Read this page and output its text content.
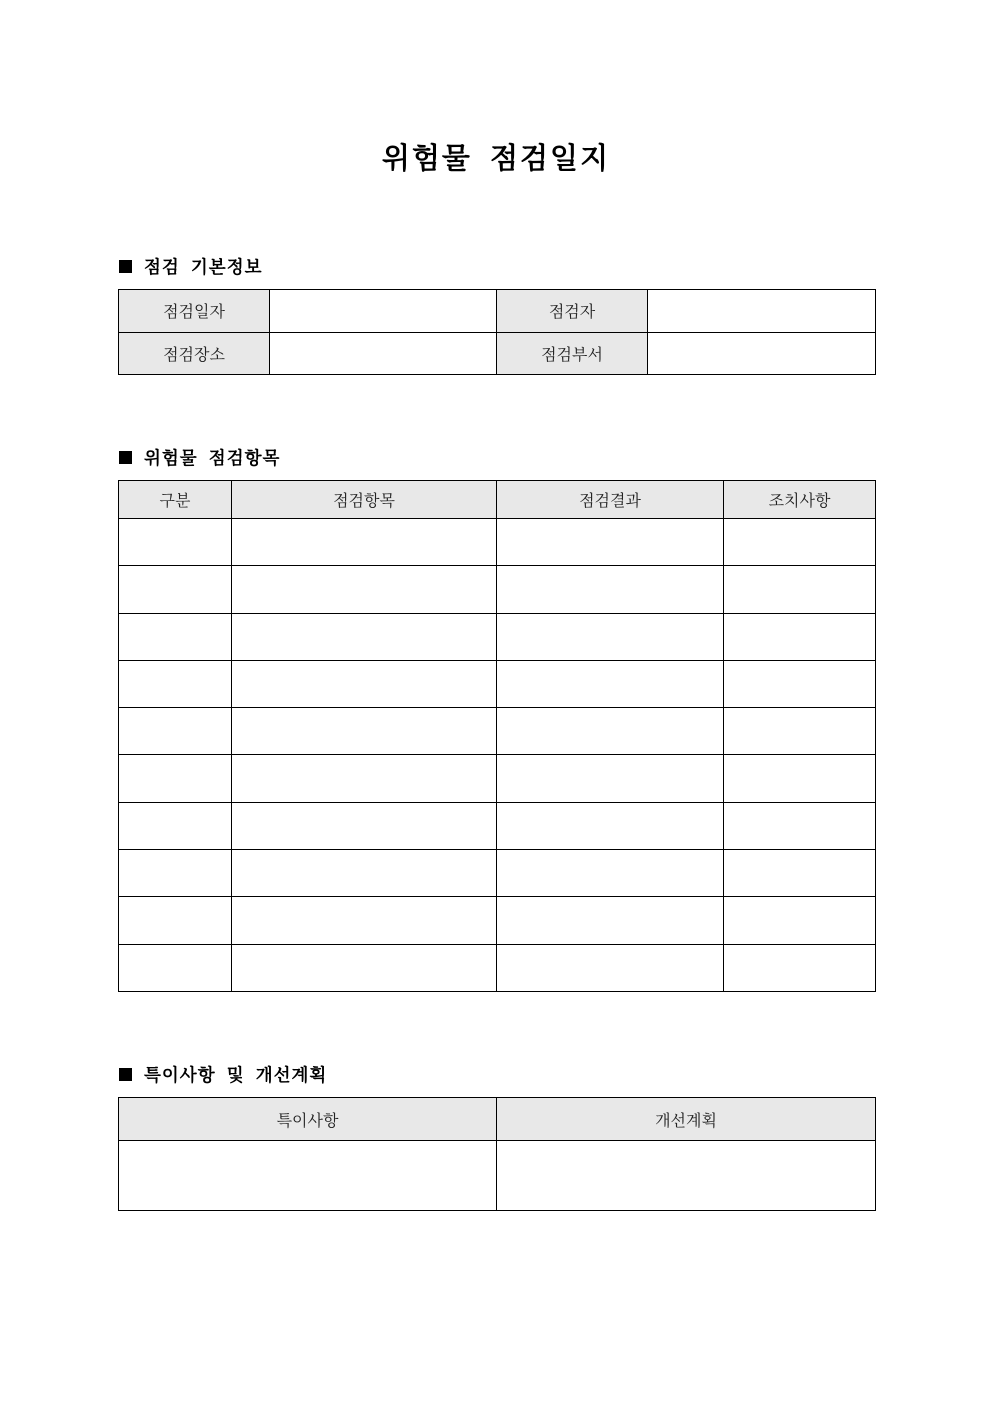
위험물 점검일지
점검 기본정보
점검일자		점검자	
점검장소		점검부서	
위험물 점검항목
구분	점검항목	점검결과	조치사항

특이사항 및 개선계획
특이사항	개선계획
